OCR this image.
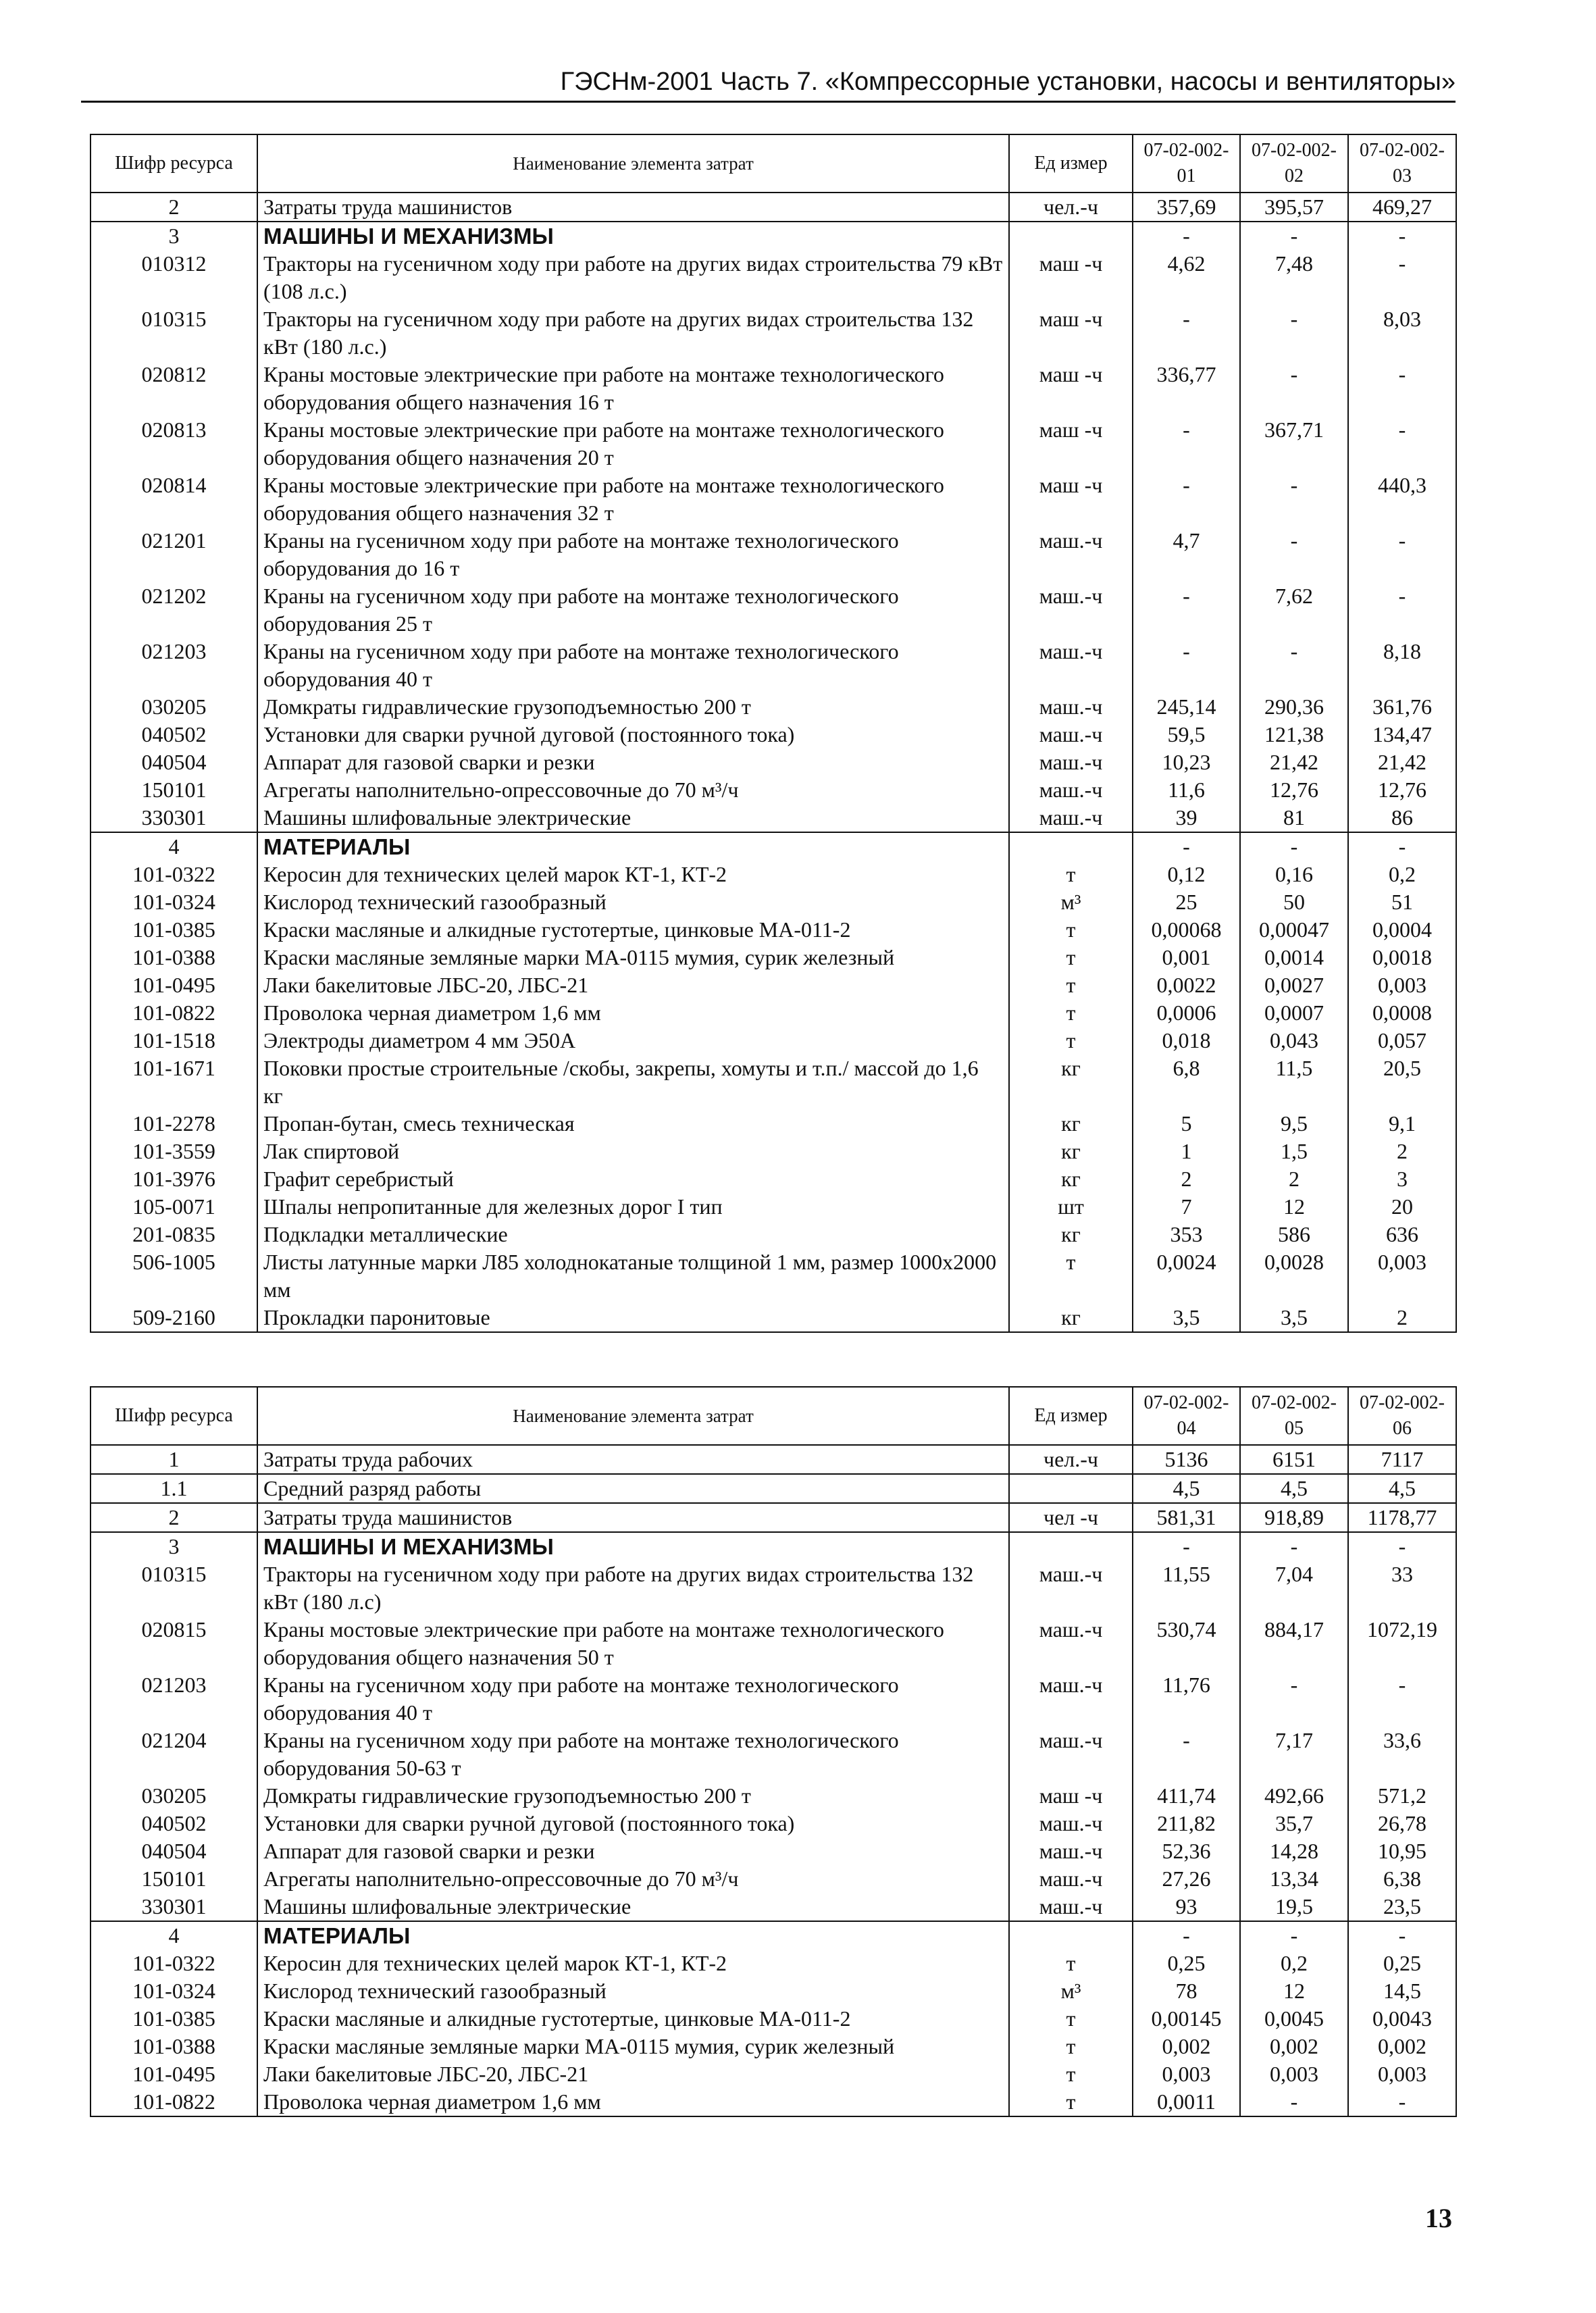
ГЭСНм-2001 Часть 7. «Компрессорные установки, насосы и вентиляторы»
Шифр ресурса	Наименование элемента затрат	Ед измер	07-02-002-01	07-02-002-02	07-02-002-03
2	Затраты труда машинистов	чел.-ч	357,69	395,57	469,27
3	МАШИНЫ И МЕХАНИЗМЫ		-	-	-
010312	Тракторы на гусеничном ходу при работе на других видах строительства 79 кВт (108 л.с.)	маш -ч	4,62	7,48	-
010315	Тракторы на гусеничном ходу при работе на других видах строительства 132 кВт (180 л.с.)	маш -ч	-	-	8,03
020812	Краны мостовые электрические при работе на монтаже технологического оборудования общего назначения 16 т	маш -ч	336,77	-	-
020813	Краны мостовые электрические при работе на монтаже технологического оборудования общего назначения 20 т	маш -ч	-	367,71	-
020814	Краны мостовые электрические при работе на монтаже технологического оборудования общего назначения 32 т	маш -ч	-	-	440,3
021201	Краны на гусеничном ходу при работе на монтаже технологического оборудования до 16 т	маш.-ч	4,7	-	-
021202	Краны на гусеничном ходу при работе на монтаже технологического оборудования 25 т	маш.-ч	-	7,62	-
021203	Краны на гусеничном ходу при работе на монтаже технологического оборудования 40 т	маш.-ч	-	-	8,18
030205	Домкраты гидравлические грузоподъемностью 200 т	маш.-ч	245,14	290,36	361,76
040502	Установки для сварки ручной дуговой (постоянного тока)	маш.-ч	59,5	121,38	134,47
040504	Аппарат для газовой сварки и резки	маш.-ч	10,23	21,42	21,42
150101	Агрегаты наполнительно-опрессовочные до 70 м³/ч	маш.-ч	11,6	12,76	12,76
330301	Машины шлифовальные электрические	маш.-ч	39	81	86
4	МАТЕРИАЛЫ		-	-	-
101-0322	Керосин для технических целей марок КТ-1, КТ-2	т	0,12	0,16	0,2
101-0324	Кислород технический газообразный	м³	25	50	51
101-0385	Краски масляные и алкидные густотертые, цинковые МА-011-2	т	0,00068	0,00047	0,0004
101-0388	Краски масляные земляные марки МА-0115 мумия, сурик железный	т	0,001	0,0014	0,0018
101-0495	Лаки бакелитовые ЛБС-20, ЛБС-21	т	0,0022	0,0027	0,003
101-0822	Проволока черная диаметром 1,6 мм	т	0,0006	0,0007	0,0008
101-1518	Электроды диаметром 4 мм Э50А	т	0,018	0,043	0,057
101-1671	Поковки простые строительные /скобы, закрепы, хомуты и т.п./ массой до 1,6 кг	кг	6,8	11,5	20,5
101-2278	Пропан-бутан, смесь техническая	кг	5	9,5	9,1
101-3559	Лак спиртовой	кг	1	1,5	2
101-3976	Графит серебристый	кг	2	2	3
105-0071	Шпалы непропитанные для железных дорог I тип	шт	7	12	20
201-0835	Подкладки металлические	кг	353	586	636
506-1005	Листы латунные марки Л85 холоднокатаные толщиной 1 мм, размер 1000x2000 мм	т	0,0024	0,0028	0,003
509-2160	Прокладки паронитовые	кг	3,5	3,5	2
Шифр ресурса	Наименование элемента затрат	Ед измер	07-02-002-04	07-02-002-05	07-02-002-06
1	Затраты труда рабочих	чел.-ч	5136	6151	7117
1.1	Средний разряд работы		4,5	4,5	4,5
2	Затраты труда машинистов	чел -ч	581,31	918,89	1178,77
3	МАШИНЫ И МЕХАНИЗМЫ		-	-	-
010315	Тракторы на гусеничном ходу при работе на других видах строительства 132 кВт (180 л.с)	маш.-ч	11,55	7,04	33
020815	Краны мостовые электрические при работе на монтаже технологического оборудования общего назначения 50 т	маш.-ч	530,74	884,17	1072,19
021203	Краны на гусеничном ходу при работе на монтаже технологического оборудования 40 т	маш.-ч	11,76	-	-
021204	Краны на гусеничном ходу при работе на монтаже технологического оборудования 50-63 т	маш.-ч	-	7,17	33,6
030205	Домкраты гидравлические грузоподъемностью 200 т	маш -ч	411,74	492,66	571,2
040502	Установки для сварки ручной дуговой (постоянного тока)	маш.-ч	211,82	35,7	26,78
040504	Аппарат для газовой сварки и резки	маш.-ч	52,36	14,28	10,95
150101	Агрегаты наполнительно-опрессовочные до 70 м³/ч	маш.-ч	27,26	13,34	6,38
330301	Машины шлифовальные электрические	маш.-ч	93	19,5	23,5
4	МАТЕРИАЛЫ		-	-	-
101-0322	Керосин для технических целей марок КТ-1, КТ-2	т	0,25	0,2	0,25
101-0324	Кислород технический газообразный	м³	78	12	14,5
101-0385	Краски масляные и алкидные густотертые, цинковые МА-011-2	т	0,00145	0,0045	0,0043
101-0388	Краски масляные земляные марки МА-0115 мумия, сурик железный	т	0,002	0,002	0,002
101-0495	Лаки бакелитовые ЛБС-20, ЛБС-21	т	0,003	0,003	0,003
101-0822	Проволока черная диаметром 1,6 мм	т	0,0011	-	-
13
